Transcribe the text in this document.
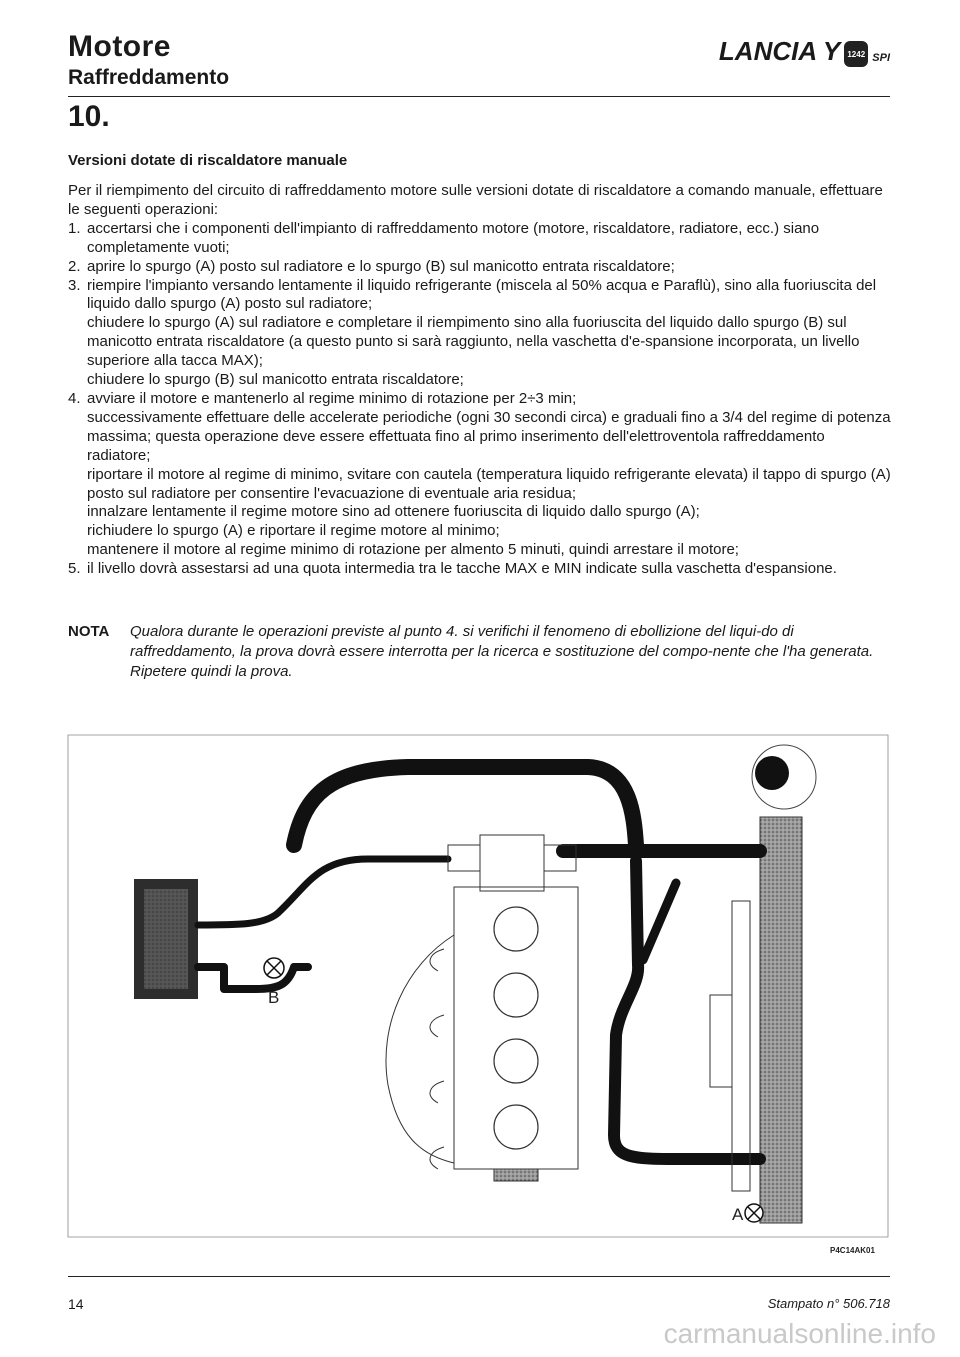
Motore
Raffreddamento
LANCIA Y 1242 SPI
10.
Versioni dotate di riscaldatore manuale

Per il riempimento del circuito di raffreddamento motore sulle versioni dotate di riscaldatore a comando manuale, effettuare le seguenti operazioni:

1. accertarsi che i componenti dell'impianto di raffreddamento motore (motore, riscaldatore, radiatore, ecc.) siano completamente vuoti;

2. aprire lo spurgo (A) posto sul radiatore e lo spurgo (B) sul manicotto entrata riscaldatore;

3. riempire l'impianto versando lentamente il liquido refrigerante (miscela al 50% acqua e Paraflù), sino alla fuoriuscita del liquido dallo spurgo (A) posto sul radiatore;

chiudere lo spurgo (A) sul radiatore e completare il riempimento sino alla fuoriuscita del liquido dallo spurgo (B) sul manicotto entrata riscaldatore (a questo punto si sarà raggiunto, nella vaschetta d'e-spansione incorporata, un livello superiore alla tacca MAX);

chiudere lo spurgo (B) sul manicotto entrata riscaldatore;

4. avviare il motore e mantenerlo al regime minimo di rotazione per 2÷3 min;

successivamente effettuare delle accelerate periodiche (ogni 30 secondi circa) e graduali fino a 3/4 del regime di potenza massima; questa operazione deve essere effettuata fino al primo inserimento dell'elettroventola raffreddamento radiatore;

riportare il motore al regime di minimo, svitare con cautela (temperatura liquido refrigerante elevata) il tappo di spurgo (A) posto sul radiatore per consentire l'evacuazione di eventuale aria residua;

innalzare lentamente il regime motore sino ad ottenere fuoriuscita di liquido dallo spurgo (A);

richiudere lo spurgo (A) e riportare il regime motore al minimo;

mantenere il motore al regime minimo di rotazione per almento 5 minuti, quindi arrestare il motore;

5. il livello dovrà assestarsi ad una quota intermedia tra le tacche MAX e MIN indicate sulla vaschetta d'espansione.

NOTA	Qualora durante le operazioni previste al punto 4. si verifichi il fenomeno di ebollizione del liqui-do di raffreddamento, la prova dovrà essere interrotta per la ricerca e sostituzione del compo-nente che l'ha generata. Ripetere quindi la prova.
B
A
P4C14AK01
14	Stampato n° 506.718
carmanualsonline.info
